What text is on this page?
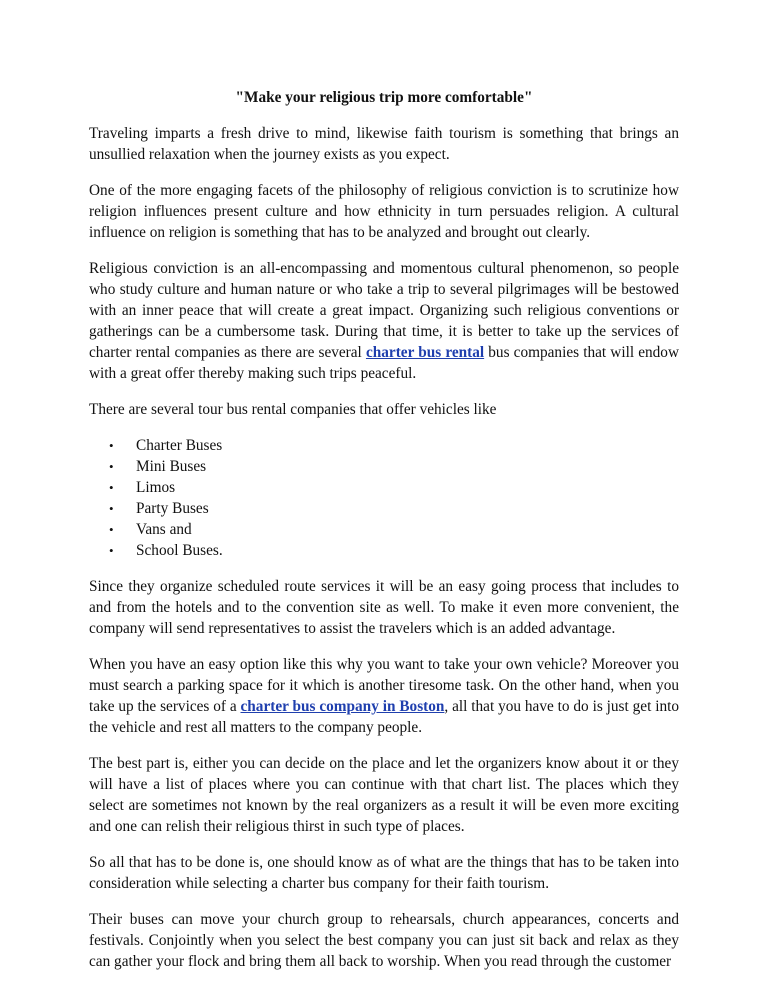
"Make your religious trip more comfortable"

Traveling imparts a fresh drive to mind, likewise faith tourism is something that brings an unsullied relaxation when the journey exists as you expect.

One of the more engaging facets of the philosophy of religious conviction is to scrutinize how religion influences present culture and how ethnicity in turn persuades religion. A cultural influence on religion is something that has to be analyzed and brought out clearly.

Religious conviction is an all-encompassing and momentous cultural phenomenon, so people who study culture and human nature or who take a trip to several pilgrimages will be bestowed with an inner peace that will create a great impact. Organizing such religious conventions or gatherings can be a cumbersome task. During that time, it is better to take up the services of charter rental companies as there are several charter bus rental bus companies that will endow with a great offer thereby making such trips peaceful.

There are several tour bus rental companies that offer vehicles like

•	Charter Buses
•	Mini Buses
•	Limos
•	Party Buses
•	Vans and
•	School Buses.

Since they organize scheduled route services it will be an easy going process that includes to and from the hotels and to the convention site as well. To make it even more convenient, the company will send representatives to assist the travelers which is an added advantage.

When you have an easy option like this why you want to take your own vehicle? Moreover you must search a parking space for it which is another tiresome task. On the other hand, when you take up the services of a charter bus company in Boston, all that you have to do is just get into the vehicle and rest all matters to the company people.

The best part is, either you can decide on the place and let the organizers know about it or they will have a list of places where you can continue with that chart list. The places which they select are sometimes not known by the real organizers as a result it will be even more exciting and one can relish their religious thirst in such type of places.

So all that has to be done is, one should know as of what are the things that has to be taken into consideration while selecting a charter bus company for their faith tourism.

Their buses can move your church group to rehearsals, church appearances, concerts and festivals. Conjointly when you select the best company you can just sit back and relax as they can gather your flock and bring them all back to worship. When you read through the customer
